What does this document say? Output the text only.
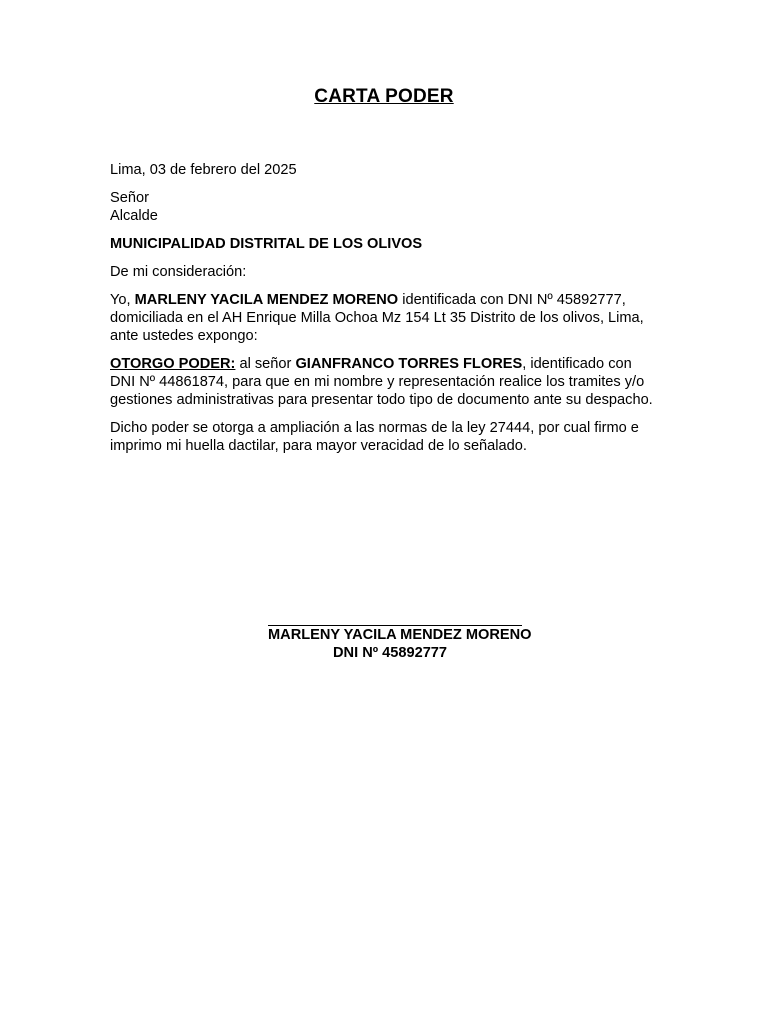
CARTA PODER

Lima, 03 de febrero del 2025

Señor

Alcalde

MUNICIPALIDAD DISTRITAL DE LOS OLIVOS

De mi consideración:

Yo, MARLENY YACILA MENDEZ MORENO identificada con DNI Nº 45892777, domiciliada en el AH Enrique Milla Ochoa Mz 154 Lt 35 Distrito de los olivos, Lima, ante ustedes expongo:

OTORGO PODER: al señor GIANFRANCO TORRES FLORES, identificado con DNI Nº 44861874, para que en mi nombre y representación realice los tramites y/o gestiones administrativas para presentar todo tipo de documento ante su despacho.

Dicho poder se otorga a ampliación a las normas de la ley 27444, por cual firmo e imprimo mi huella dactilar, para mayor veracidad de lo señalado.

MARLENY YACILA MENDEZ MORENO
DNI Nº 45892777
